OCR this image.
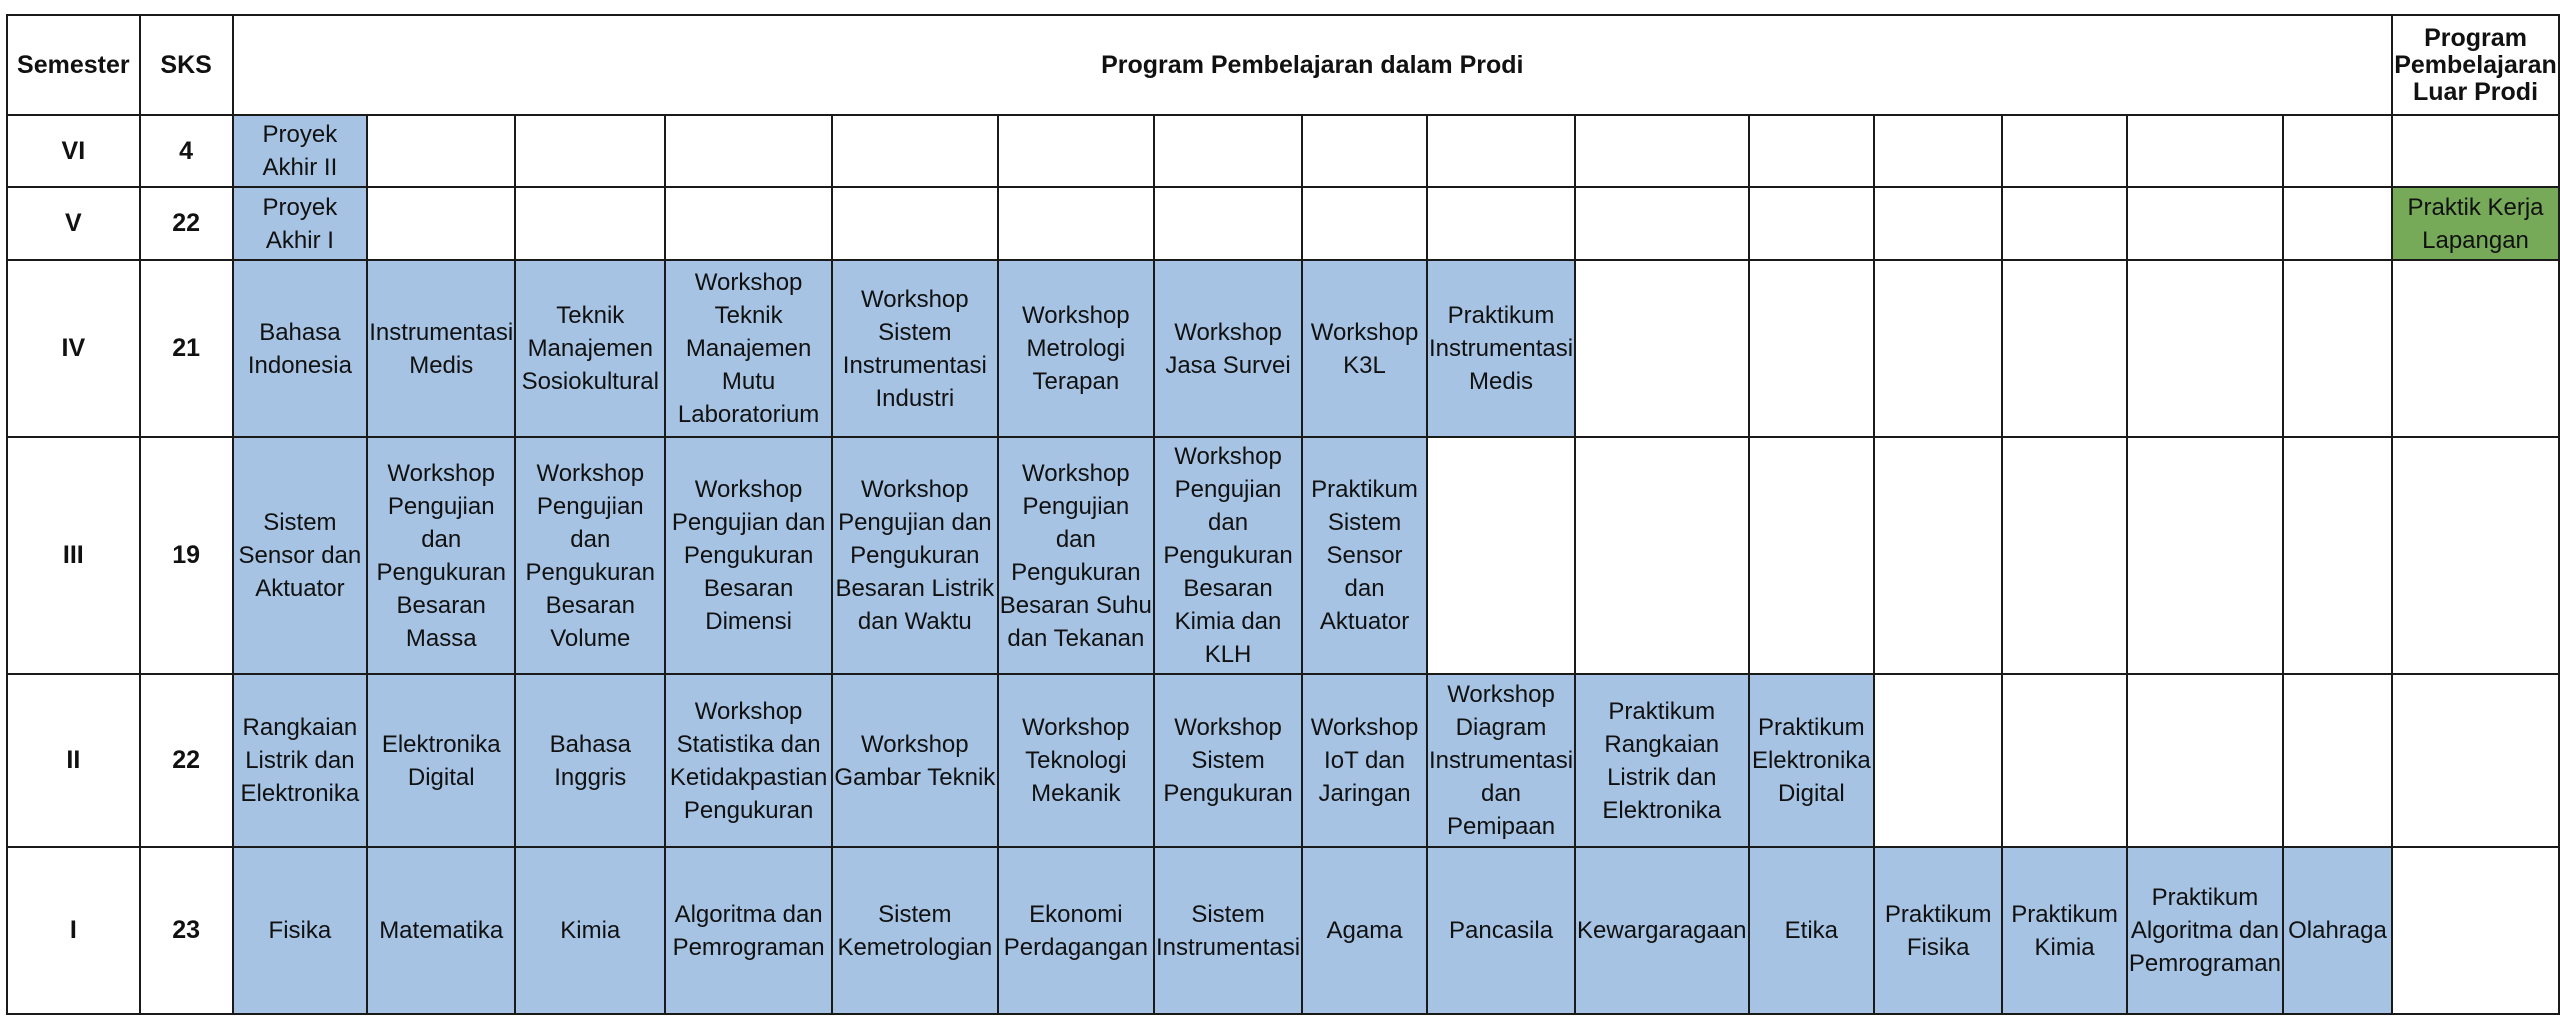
Semester	SKS	Program Pembelajaran dalam Prodi															Program Pembelajaran Luar Prodi
VI	4	Proyek Akhir II															
V	22	Proyek Akhir I															Praktik Kerja Lapangan
IV	21	Bahasa Indonesia	Instrumentasi Medis	Teknik Manajemen Sosiokultural	Workshop Teknik Manajemen Mutu Laboratorium	Workshop Sistem Instrumentasi Industri	Workshop Metrologi Terapan	Workshop Jasa Survei	Workshop K3L	Praktikum Instrumentasi Medis							
III	19	Sistem Sensor dan Aktuator	Workshop Pengujian dan Pengukuran Besaran Massa	Workshop Pengujian dan Pengukuran Besaran Volume	Workshop Pengujian dan Pengukuran Besaran Dimensi	Workshop Pengujian dan Pengukuran Besaran Listrik dan Waktu	Workshop Pengujian dan Pengukuran Besaran Suhu dan Tekanan	Workshop Pengujian dan Pengukuran Besaran Kimia dan KLH	Praktikum Sistem Sensor dan Aktuator								
II	22	Rangkaian Listrik dan Elektronika	Elektronika Digital	Bahasa Inggris	Workshop Statistika dan Ketidakpastian Pengukuran	Workshop Gambar Teknik	Workshop Teknologi Mekanik	Workshop Sistem Pengukuran	Workshop IoT dan Jaringan	Workshop Diagram Instrumentasi dan Pemipaan	Praktikum Rangkaian Listrik dan Elektronika	Praktikum Elektronika Digital					
I	23	Fisika	Matematika	Kimia	Algoritma dan Pemrograman	Sistem Kemetrologian	Ekonomi Perdagangan	Sistem Instrumentasi	Agama	Pancasila	Kewargaragaan	Etika	Praktikum Fisika	Praktikum Kimia	Praktikum Algoritma dan Pemrograman	Olahraga	
